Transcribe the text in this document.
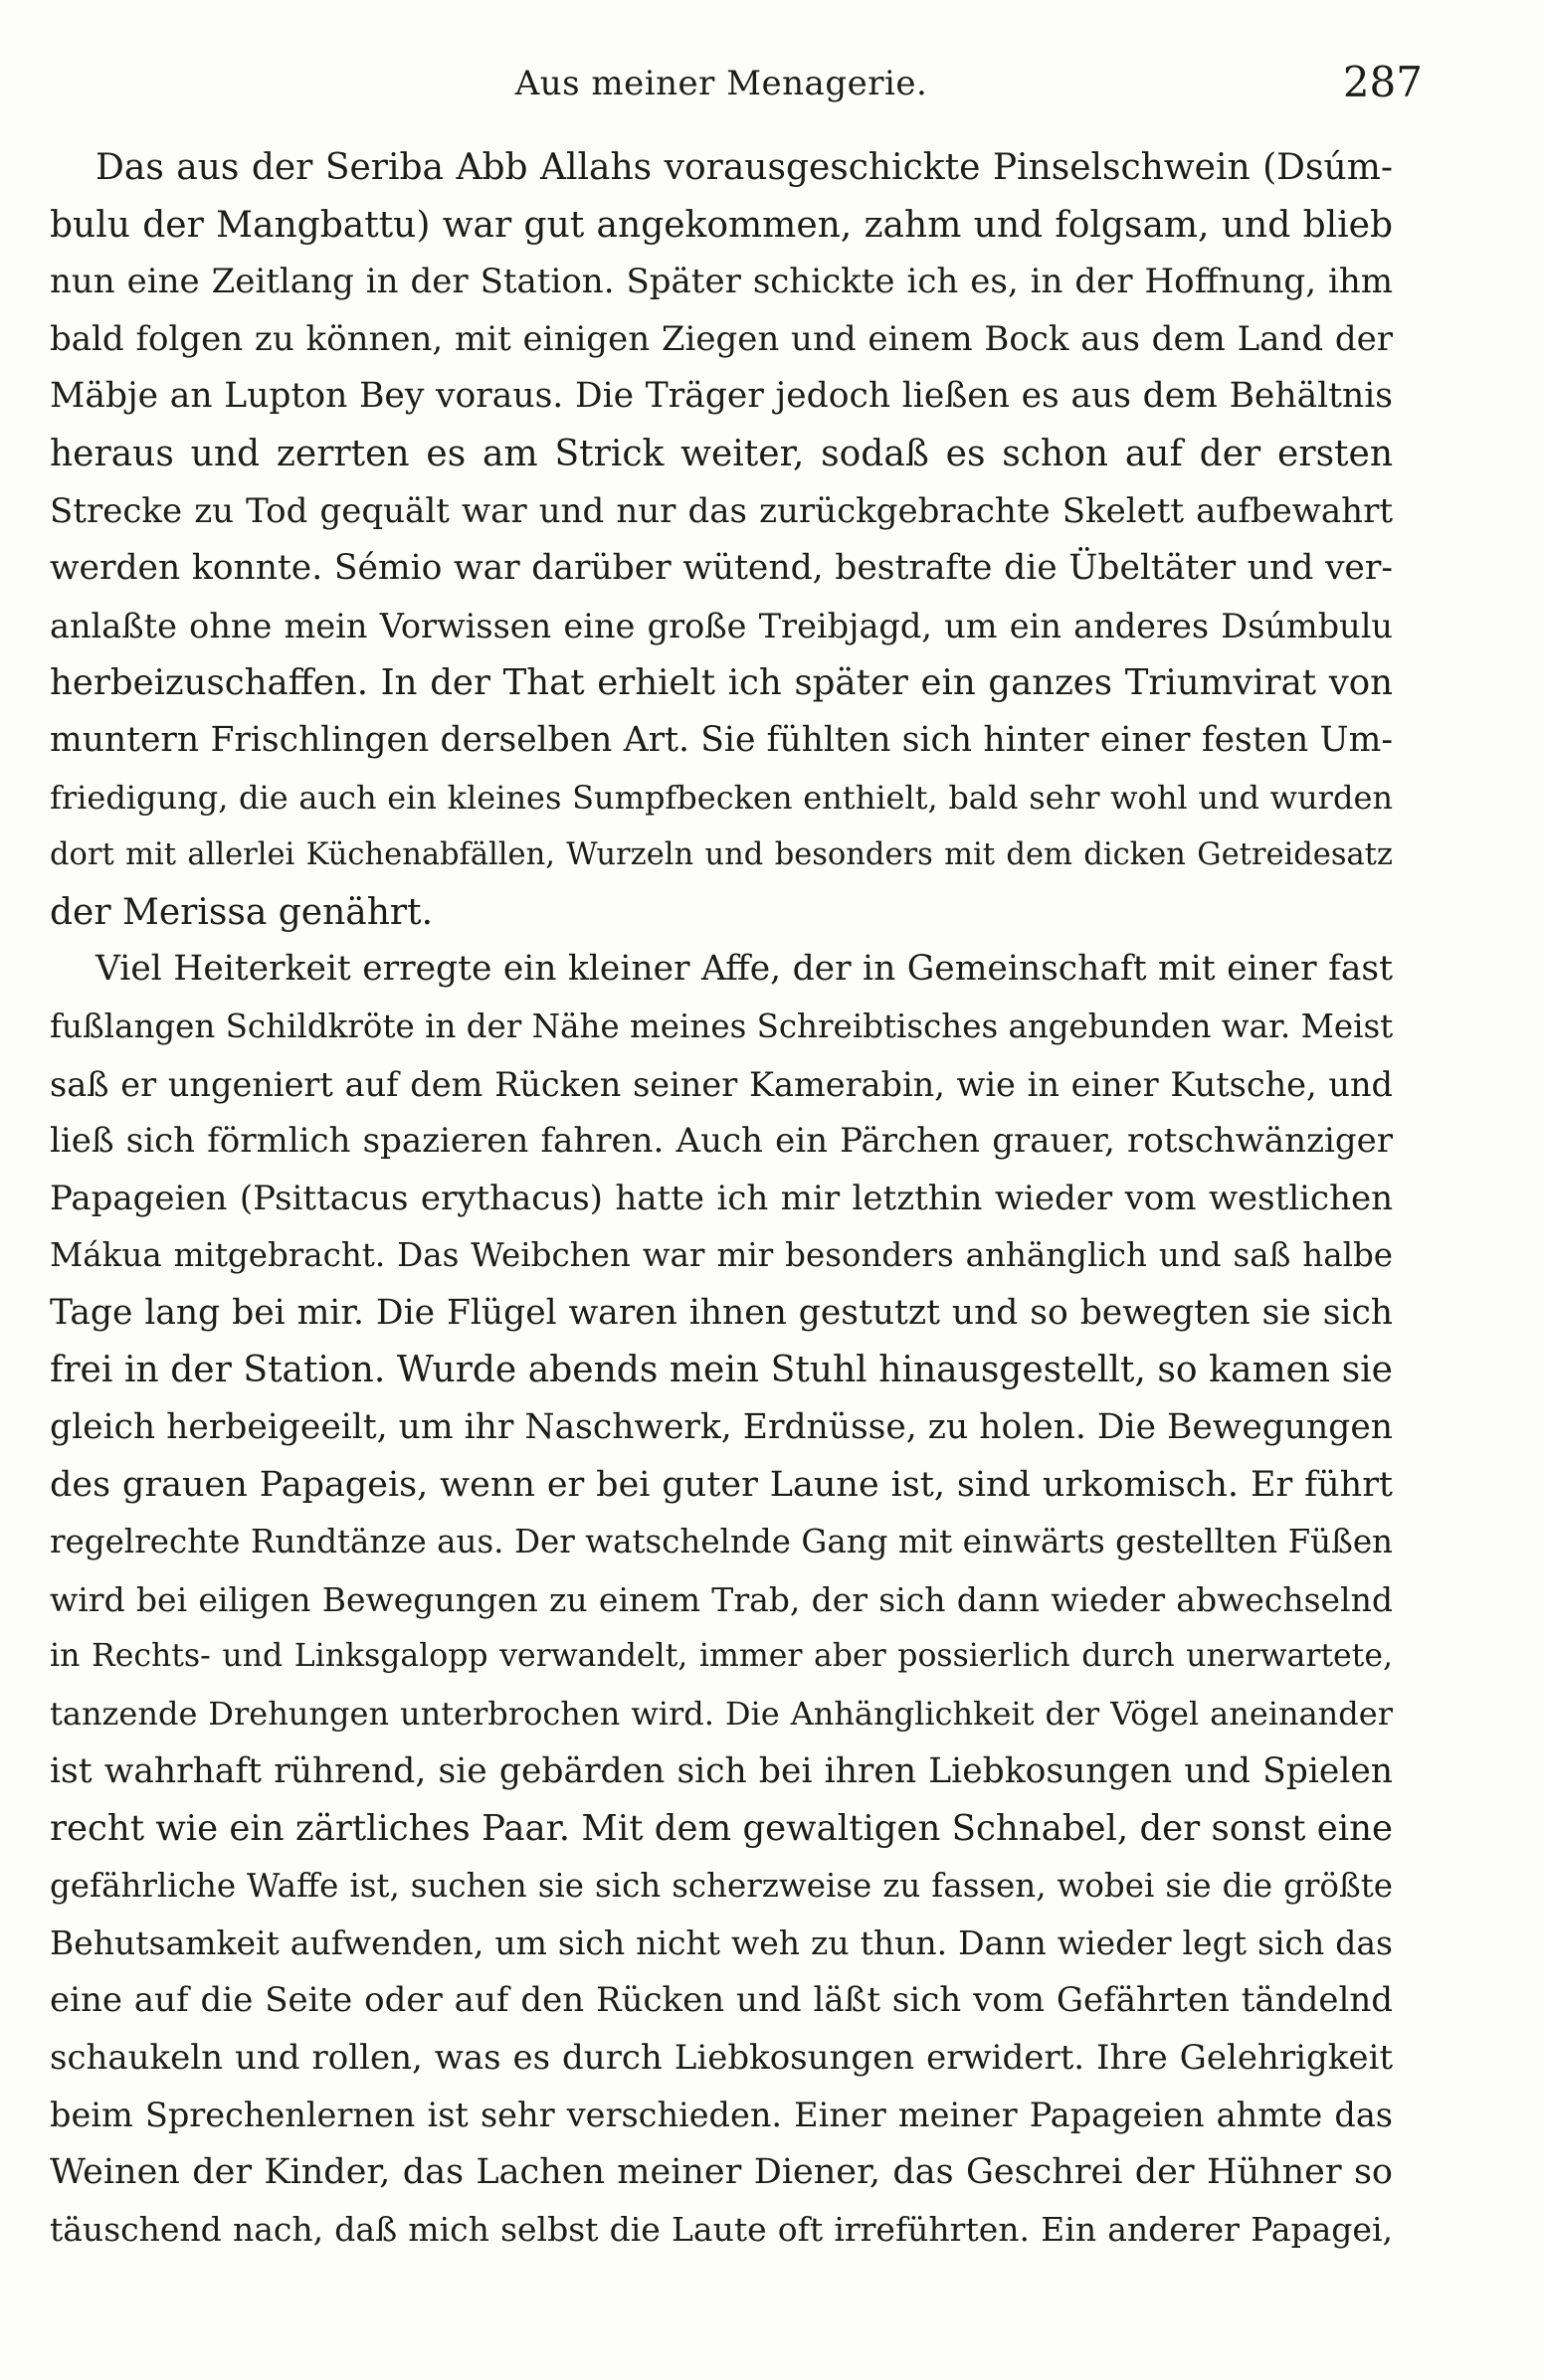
Aus meiner Menagerie.	287
Das aus der Seriba Abb Allahs vorausgeschickte Pinselschwein (Dsúm-
bulu der Mangbattu) war gut angekommen, zahm und folgsam, und blieb
nun eine Zeitlang in der Station. Später schickte ich es, in der Hoffnung, ihm
bald folgen zu können, mit einigen Ziegen und einem Bock aus dem Land der
Mäbje an Lupton Bey voraus. Die Träger jedoch ließen es aus dem Behältnis
heraus und zerrten es am Strick weiter, sodaß es schon auf der ersten
Strecke zu Tod gequält war und nur das zurückgebrachte Skelett aufbewahrt
werden konnte. Sémio war darüber wütend, bestrafte die Übeltäter und ver-
anlaßte ohne mein Vorwissen eine große Treibjagd, um ein anderes Dsúmbulu
herbeizuschaffen. In der That erhielt ich später ein ganzes Triumvirat von
muntern Frischlingen derselben Art. Sie fühlten sich hinter einer festen Um-
friedigung, die auch ein kleines Sumpfbecken enthielt, bald sehr wohl und wurden
dort mit allerlei Küchenabfällen, Wurzeln und besonders mit dem dicken Getreidesatz
der Merissa genährt.
Viel Heiterkeit erregte ein kleiner Affe, der in Gemeinschaft mit einer fast
fußlangen Schildkröte in der Nähe meines Schreibtisches angebunden war. Meist
saß er ungeniert auf dem Rücken seiner Kamerabin, wie in einer Kutsche, und
ließ sich förmlich spazieren fahren. Auch ein Pärchen grauer, rotschwänziger
Papageien (Psittacus erythacus) hatte ich mir letzthin wieder vom westlichen
Mákua mitgebracht. Das Weibchen war mir besonders anhänglich und saß halbe
Tage lang bei mir. Die Flügel waren ihnen gestutzt und so bewegten sie sich
frei in der Station. Wurde abends mein Stuhl hinausgestellt, so kamen sie
gleich herbeigeeilt, um ihr Naschwerk, Erdnüsse, zu holen. Die Bewegungen
des grauen Papageis, wenn er bei guter Laune ist, sind urkomisch. Er führt
regelrechte Rundtänze aus. Der watschelnde Gang mit einwärts gestellten Füßen
wird bei eiligen Bewegungen zu einem Trab, der sich dann wieder abwechselnd
in Rechts- und Linksgalopp verwandelt, immer aber possierlich durch unerwartete,
tanzende Drehungen unterbrochen wird. Die Anhänglichkeit der Vögel aneinander
ist wahrhaft rührend, sie gebärden sich bei ihren Liebkosungen und Spielen
recht wie ein zärtliches Paar. Mit dem gewaltigen Schnabel, der sonst eine
gefährliche Waffe ist, suchen sie sich scherzweise zu fassen, wobei sie die größte
Behutsamkeit aufwenden, um sich nicht weh zu thun. Dann wieder legt sich das
eine auf die Seite oder auf den Rücken und läßt sich vom Gefährten tändelnd
schaukeln und rollen, was es durch Liebkosungen erwidert. Ihre Gelehrigkeit
beim Sprechenlernen ist sehr verschieden. Einer meiner Papageien ahmte das
Weinen der Kinder, das Lachen meiner Diener, das Geschrei der Hühner so
täuschend nach, daß mich selbst die Laute oft irreführten. Ein anderer Papagei,
